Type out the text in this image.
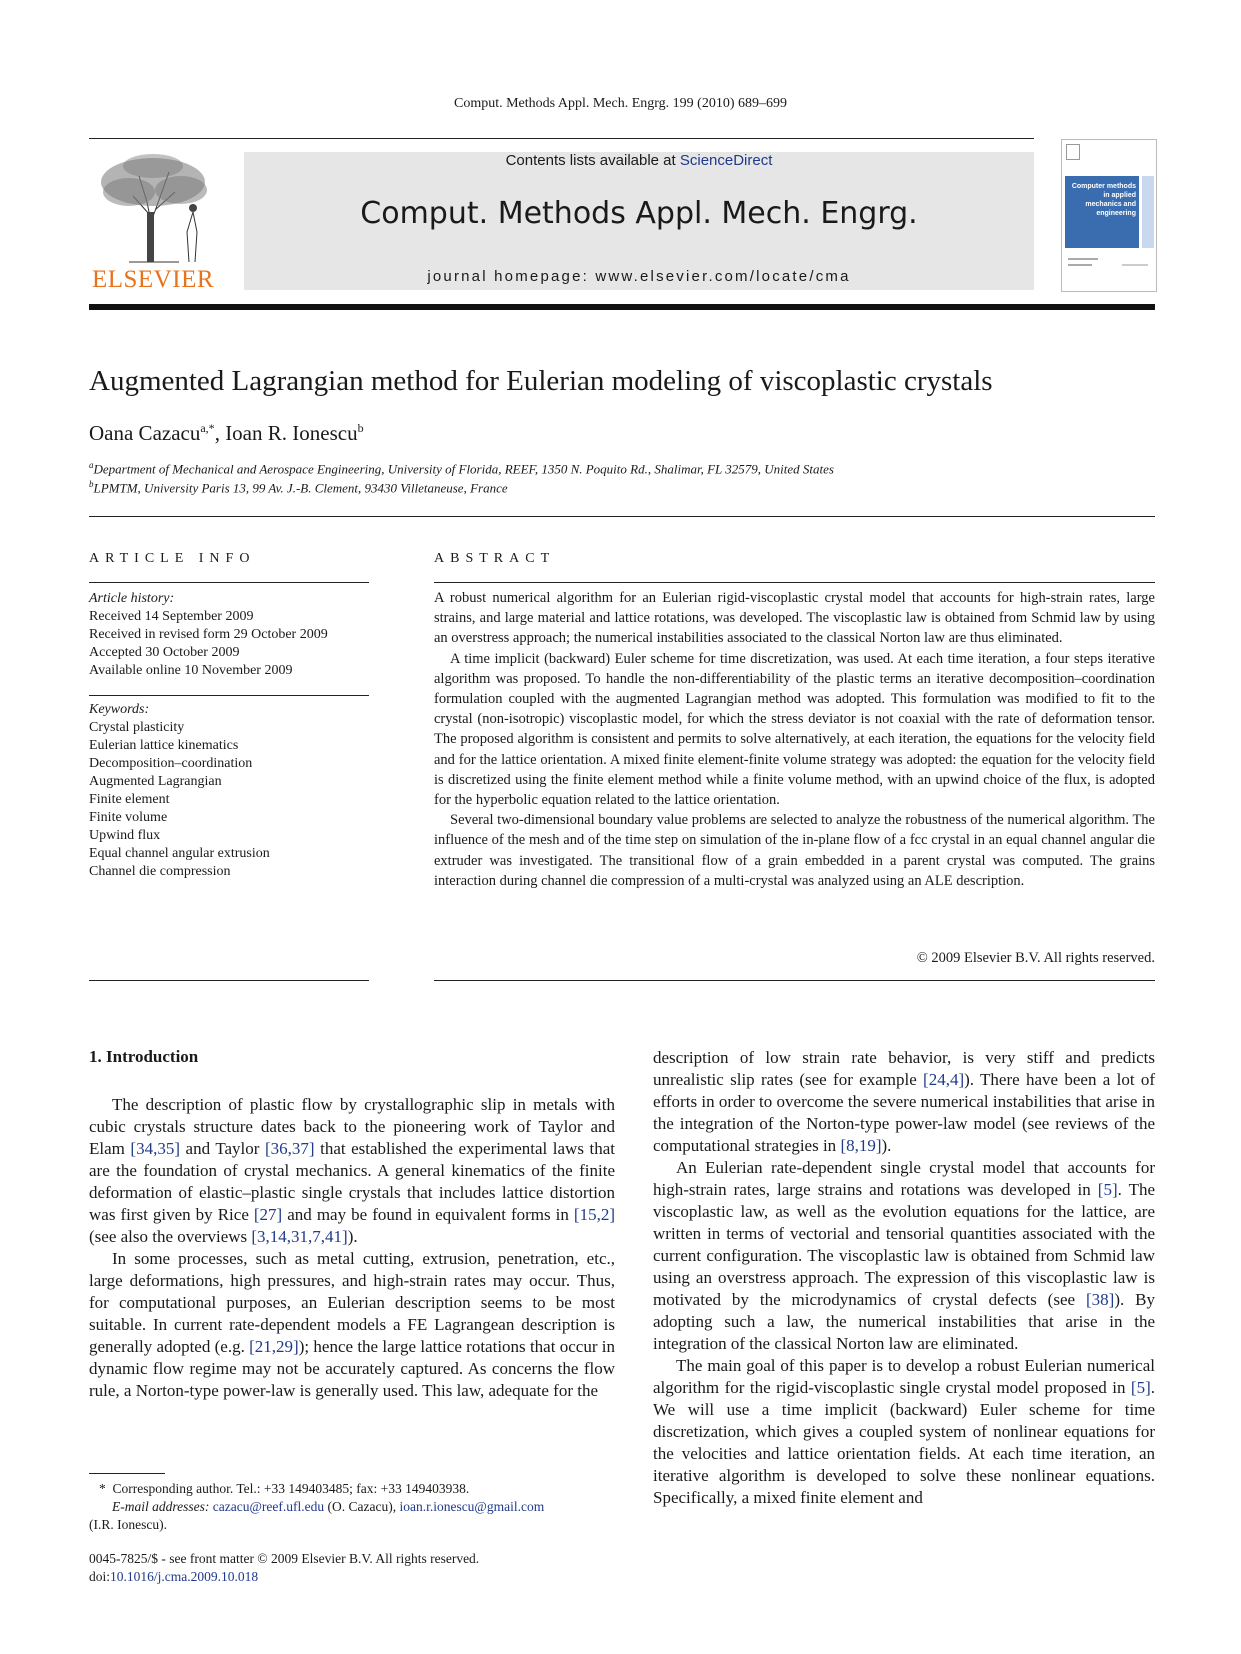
Comput. Methods Appl. Mech. Engrg. 199 (2010) 689–699
ELSEVIER
Contents lists available at ScienceDirect
Comput. Methods Appl. Mech. Engrg.
journal homepage: www.elsevier.com/locate/cma
Computer methods in applied mechanics and engineering
Augmented Lagrangian method for Eulerian modeling of viscoplastic crystals
Oana Cazacu$^{a,*}$, Ioan R. Ionescu$^b$
$^a$Department of Mechanical and Aerospace Engineering, University of Florida, REEF, 1350 N. Poquito Rd., Shalimar, FL 32579, United States
$^b$LPMTM, University Paris 13, 99 Av. J.-B. Clement, 93430 Villetaneuse, France
ARTICLE INFO
Article history:
Received 14 September 2009
Received in revised form 29 October 2009
Accepted 30 October 2009
Available online 10 November 2009
Keywords:
Crystal plasticity
Eulerian lattice kinematics
Decomposition–coordination
Augmented Lagrangian
Finite element
Finite volume
Upwind flux
Equal channel angular extrusion
Channel die compression
ABSTRACT

A robust numerical algorithm for an Eulerian rigid-viscoplastic crystal model that accounts for high-strain rates, large strains, and large material and lattice rotations, was developed. The viscoplastic law is obtained from Schmid law by using an overstress approach; the numerical instabilities associated to the classical Norton law are thus eliminated.

A time implicit (backward) Euler scheme for time discretization, was used. At each time iteration, a four steps iterative algorithm was proposed. To handle the non-differentiability of the plastic terms an iterative decomposition–coordination formulation coupled with the augmented Lagrangian method was adopted. This formulation was modified to fit to the crystal (non-isotropic) viscoplastic model, for which the stress deviator is not coaxial with the rate of deformation tensor. The proposed algorithm is consistent and permits to solve alternatively, at each iteration, the equations for the velocity field and for the lattice orientation. A mixed finite element-finite volume strategy was adopted: the equation for the velocity field is discretized using the finite element method while a finite volume method, with an upwind choice of the flux, is adopted for the hyperbolic equation related to the lattice orientation.

Several two-dimensional boundary value problems are selected to analyze the robustness of the numerical algorithm. The influence of the mesh and of the time step on simulation of the in-plane flow of a fcc crystal in an equal channel angular die extruder was investigated. The transitional flow of a grain embedded in a parent crystal was computed. The grains interaction during channel die compression of a multi-crystal was analyzed using an ALE description.

© 2009 Elsevier B.V. All rights reserved.
1. Introduction

The description of plastic flow by crystallographic slip in metals with cubic crystals structure dates back to the pioneering work of Taylor and Elam [34,35] and Taylor [36,37] that established the experimental laws that are the foundation of crystal mechanics. A general kinematics of the finite deformation of elastic–plastic single crystals that includes lattice distortion was first given by Rice [27] and may be found in equivalent forms in [15,2] (see also the overviews [3,14,31,7,41]).

In some processes, such as metal cutting, extrusion, penetration, etc., large deformations, high pressures, and high-strain rates may occur. Thus, for computational purposes, an Eulerian description seems to be most suitable. In current rate-dependent models a FE Lagrangean description is generally adopted (e.g. [21,29]); hence the large lattice rotations that occur in dynamic flow regime may not be accurately captured. As concerns the flow rule, a Norton-type power-law is generally used. This law, adequate for the

description of low strain rate behavior, is very stiff and predicts unrealistic slip rates (see for example [24,4]). There have been a lot of efforts in order to overcome the severe numerical instabilities that arise in the integration of the Norton-type power-law model (see reviews of the computational strategies in [8,19]).

An Eulerian rate-dependent single crystal model that accounts for high-strain rates, large strains and rotations was developed in [5]. The viscoplastic law, as well as the evolution equations for the lattice, are written in terms of vectorial and tensorial quantities associated with the current configuration. The viscoplastic law is obtained from Schmid law using an overstress approach. The expression of this viscoplastic law is motivated by the microdynamics of crystal defects (see [38]). By adopting such a law, the numerical instabilities that arise in the integration of the classical Norton law are eliminated.

The main goal of this paper is to develop a robust Eulerian numerical algorithm for the rigid-viscoplastic single crystal model proposed in [5]. We will use a time implicit (backward) Euler scheme for time discretization, which gives a coupled system of nonlinear equations for the velocities and lattice orientation fields. At each time iteration, an iterative algorithm is developed to solve these nonlinear equations. Specifically, a mixed finite element and

* Corresponding author. Tel.: +33 149403485; fax: +33 149403938.
E-mail addresses: cazacu@reef.ufl.edu (O. Cazacu), ioan.r.ionescu@gmail.com
(I.R. Ionescu).
0045-7825/$ - see front matter © 2009 Elsevier B.V. All rights reserved.
doi:10.1016/j.cma.2009.10.018
